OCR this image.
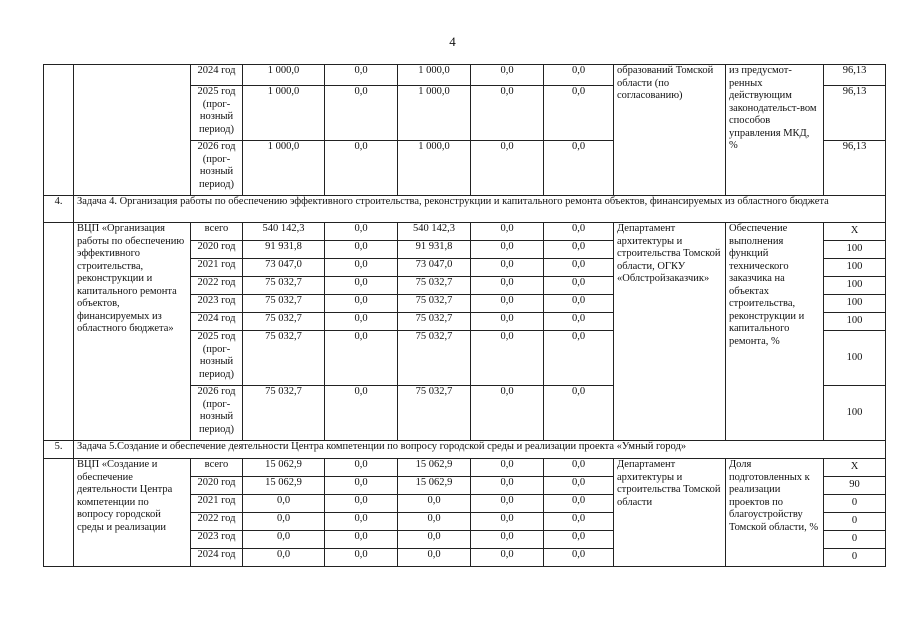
4
		2024 год	1 000,0	0,0	1 000,0	0,0	0,0	образований Томской области (по согласованию)	из предусмот-ренных действующим законодательст-вом способов управления МКД, %	96,13
		2025 год (прог-нозный период)	1 000,0	0,0	1 000,0	0,0	0,0			96,13
		2026 год (прог-нозный период)	1 000,0	0,0	1 000,0	0,0	0,0			96,13
4.	Задача 4. Организация работы по обеспечению эффективного строительства, реконструкции и капитального ремонта объектов, финансируемых из областного бюджета									
	ВЦП «Организация работы по обеспечению эффективного строительства, реконструкции и капитального ремонта объектов, финансируемых из областного бюджета»	всего	540 142,3	0,0	540 142,3	0,0	0,0	Департамент архитектуры и строительства Томской области, ОГКУ «Облстройзаказчик»	Обеспечение выполнения функций технического заказчика на объектах строительства, реконструкции и капитального ремонта, %	X
		2020 год	91 931,8	0,0	91 931,8	0,0	0,0			100
		2021 год	73 047,0	0,0	73 047,0	0,0	0,0			100
		2022 год	75 032,7	0,0	75 032,7	0,0	0,0			100
		2023 год	75 032,7	0,0	75 032,7	0,0	0,0			100
		2024 год	75 032,7	0,0	75 032,7	0,0	0,0			100
		2025 год (прог-нозный период)	75 032,7	0,0	75 032,7	0,0	0,0			100
		2026 год (прог-нозный период)	75 032,7	0,0	75 032,7	0,0	0,0			100
5.	Задача 5.Создание и обеспечение деятельности Центра компетенции по вопросу городской среды и реализации проекта «Умный город»									
	ВЦП «Создание и обеспечение деятельности Центра компетенции по вопросу городской среды и реализации	всего	15 062,9	0,0	15 062,9	0,0	0,0	Департамент архитектуры и строительства Томской области	Доля подготовленных к реализации проектов по благоустройству Томской области, %	X
		2020 год	15 062,9	0,0	15 062,9	0,0	0,0			90
		2021 год	0,0	0,0	0,0	0,0	0,0			0
		2022 год	0,0	0,0	0,0	0,0	0,0			0
		2023 год	0,0	0,0	0,0	0,0	0,0			0
		2024 год	0,0	0,0	0,0	0,0	0,0			0
